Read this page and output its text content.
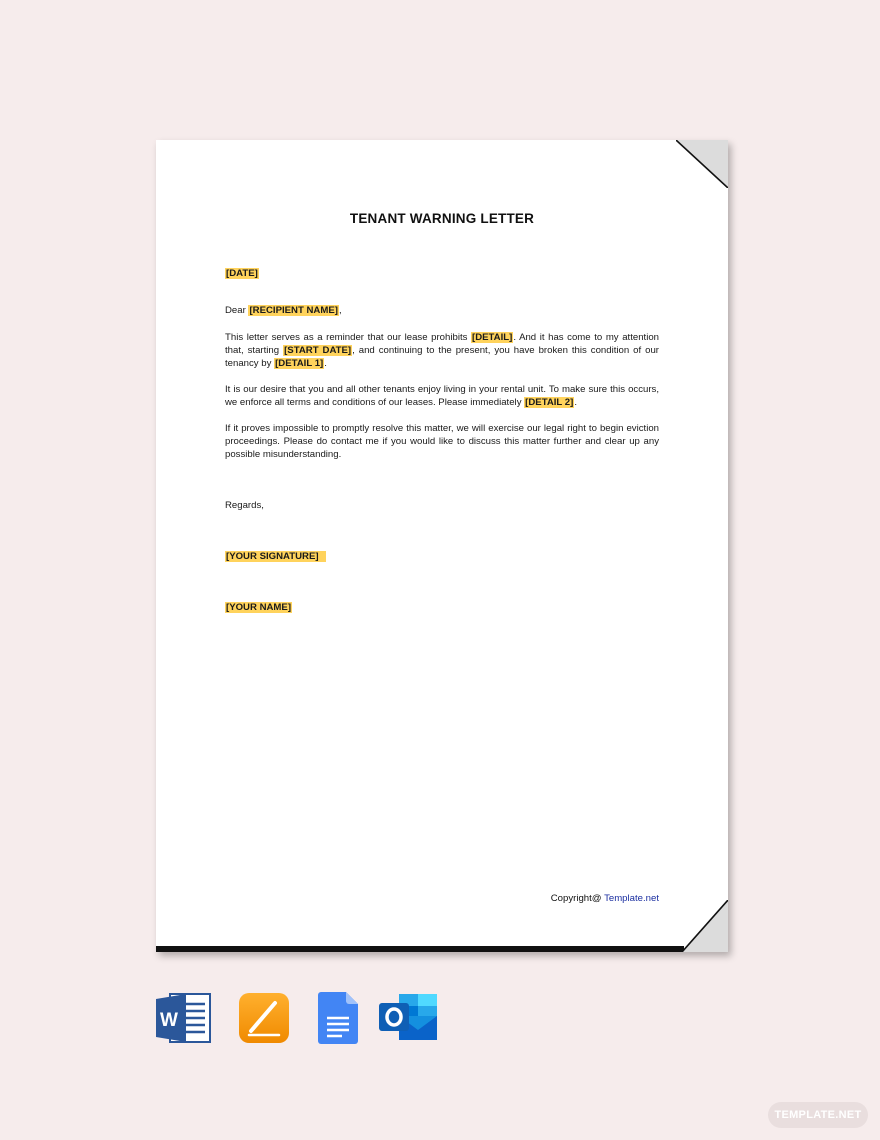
TENANT WARNING LETTER
[DATE]
Dear [RECIPIENT NAME],
This letter serves as a reminder that our lease prohibits [DETAIL]. And it has come to my attention that, starting [START DATE], and continuing to the present, you have broken this condition of our tenancy by [DETAIL 1].
It is our desire that you and all other tenants enjoy living in your rental unit. To make sure this occurs, we enforce all terms and conditions of our leases. Please immediately [DETAIL 2].
If it proves impossible to promptly resolve this matter, we will exercise our legal right to begin eviction proceedings. Please do contact me if you would like to discuss this matter further and clear up any possible misunderstanding.
Regards,
[YOUR SIGNATURE]
[YOUR NAME]
Copyright@ Template.net
W
TEMPLATE.NET
